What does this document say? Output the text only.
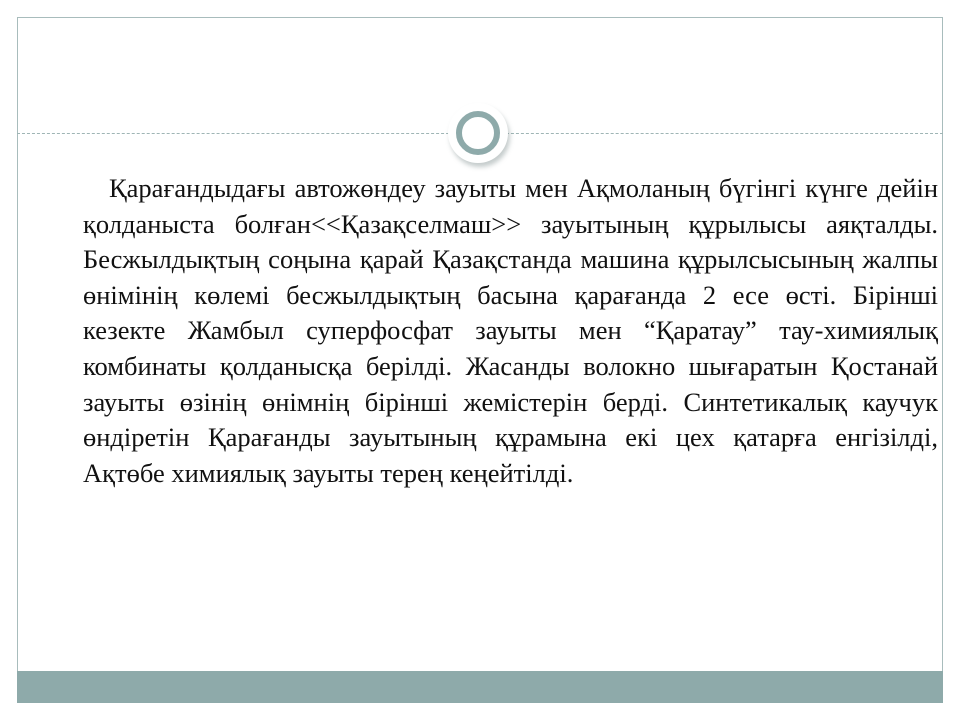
Қарағандыдағы автожөндеу зауыты мен Ақмоланың бүгінгі күнге дейін қолданыста болған<<Қазақселмаш>> зауытының құрылысы аяқталды. Бесжылдықтың соңына қарай Қазақстанда машина құрылсысының жалпы өнімінің көлемі бесжылдықтың басына қарағанда 2 есе өсті. Бірінші кезекте Жамбыл суперфосфат зауыты мен “Қаратау” тау-химиялық комбинаты қолданысқа берілді. Жасанды волокно шығаратын Қостанай зауыты өзінің өнімнің бірінші жемістерін берді. Синтетикалық каучук өндіретін Қарағанды зауытының құрамына екі цех қатарға енгізілді, Ақтөбе химиялық зауыты терең кеңейтілді.
